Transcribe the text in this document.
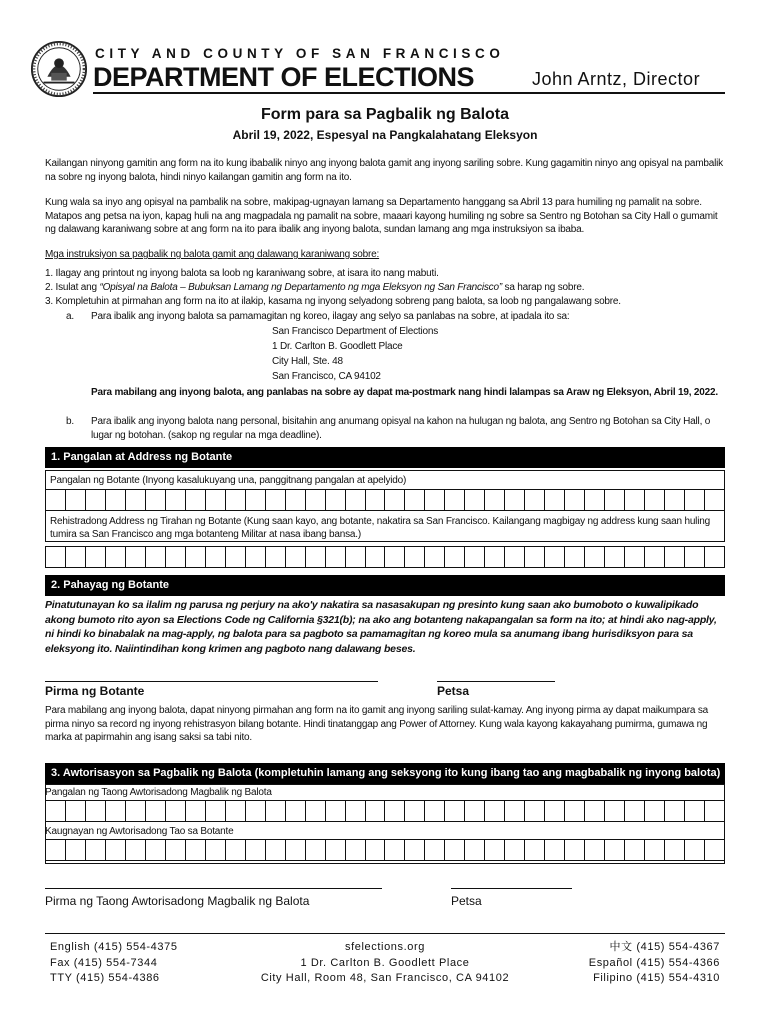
CITY AND COUNTY OF SAN FRANCISCO
DEPARTMENT OF ELECTIONS	John Arntz, Director
Form para sa Pagbalik ng Balota
Abril 19, 2022, Espesyal na Pangkalahatang Eleksyon
Kailangan ninyong gamitin ang form na ito kung ibabalik ninyo ang inyong balota gamit ang inyong sariling sobre. Kung gagamitin ninyo ang opisyal na pambalik na sobre ng inyong balota, hindi ninyo kailangan gamitin ang form na ito.
Kung wala sa inyo ang opisyal na pambalik na sobre, makipag-ugnayan lamang sa Departamento hanggang sa Abril 13 para humiling ng pamalit na sobre. Matapos ang petsa na iyon, kapag huli na ang magpadala ng pamalit na sobre, maaari kayong humiling ng sobre sa Sentro ng Botohan sa City Hall o gumamit ng dalawang karaniwang sobre at ang form na ito para ibalik ang inyong balota, sundan lamang ang mga instruksiyon sa ibaba.
Mga instruksiyon sa pagbalik ng balota gamit ang dalawang karaniwang sobre:
1. Ilagay ang printout ng inyong balota sa loob ng karaniwang sobre, at isara ito nang mabuti.
2. Isulat ang “Opisyal na Balota – Bubuksan Lamang ng Departamento ng mga Eleksyon ng San Francisco” sa harap ng sobre.
3. Kompletuhin at pirmahan ang form na ito at ilakip, kasama ng inyong selyadong sobreng pang balota, sa loob ng pangalawang sobre.
a.	Para ibalik ang inyong balota sa pamamagitan ng koreo, ilagay ang selyo sa panlabas na sobre, at ipadala ito sa:
San Francisco Department of Elections
1 Dr. Carlton B. Goodlett Place
City Hall, Ste. 48
San Francisco, CA 94102
Para mabilang ang inyong balota, ang panlabas na sobre ay dapat ma-postmark nang hindi lalampas sa Araw ng Eleksyon, Abril 19, 2022.
b.	Para ibalik ang inyong balota nang personal, bisitahin ang anumang opisyal na kahon na hulugan ng balota, ang Sentro ng Botohan sa City Hall, o lugar ng botohan. (sakop ng regular na mga deadline).
1. Pangalan at Address ng Botante
Pangalan ng Botante (Inyong kasalukuyang una, panggitnang pangalan at apelyido)
Rehistradong Address ng Tirahan ng Botante (Kung saan kayo, ang botante, nakatira sa San Francisco. Kailangang magbigay ng address kung saan huling tumira sa San Francisco ang mga botanteng Militar at nasa ibang bansa.)
2. Pahayag ng Botante
Pinatutunayan ko sa ilalim ng parusa ng perjury na ako'y nakatira sa nasasakupan ng presinto kung saan ako bumoboto o kuwalipikado akong bumoto rito ayon sa Elections Code ng California §321(b); na ako ang botanteng nakapangalan sa form na ito; at hindi ako nag-apply, ni hindi ko binabalak na mag-apply, ng balota para sa pagboto sa pamamagitan ng koreo mula sa anumang ibang hurisdiksyon para sa eleksyong ito. Naiintindihan kong krimen ang pagboto nang dalawang beses.
Pirma ng Botante	Petsa
Para mabilang ang inyong balota, dapat ninyong pirmahan ang form na ito gamit ang inyong sariling sulat-kamay. Ang inyong pirma ay dapat maikumpara sa pirma ninyo sa record ng inyong rehistrasyon bilang botante. Hindi tinatanggap ang Power of Attorney. Kung wala kayong kakayahang pumirma, gumawa ng marka at papirmahin ang isang saksi sa tabi nito.
3. Awtorisasyon sa Pagbalik ng Balota (kompletuhin lamang ang seksyong ito kung ibang tao ang magbabalik ng inyong balota)
Pangalan ng Taong Awtorisadong Magbalik ng Balota
Kaugnayan ng Awtorisadong Tao sa Botante
Pirma ng Taong Awtorisadong Magbalik ng Balota	Petsa
English (415) 554-4375
Fax (415) 554-7344
TTY (415) 554-4386
sfelections.org
1 Dr. Carlton B. Goodlett Place
City Hall, Room 48, San Francisco, CA 94102
中文 (415) 554-4367
Español (415) 554-4366
Filipino (415) 554-4310
